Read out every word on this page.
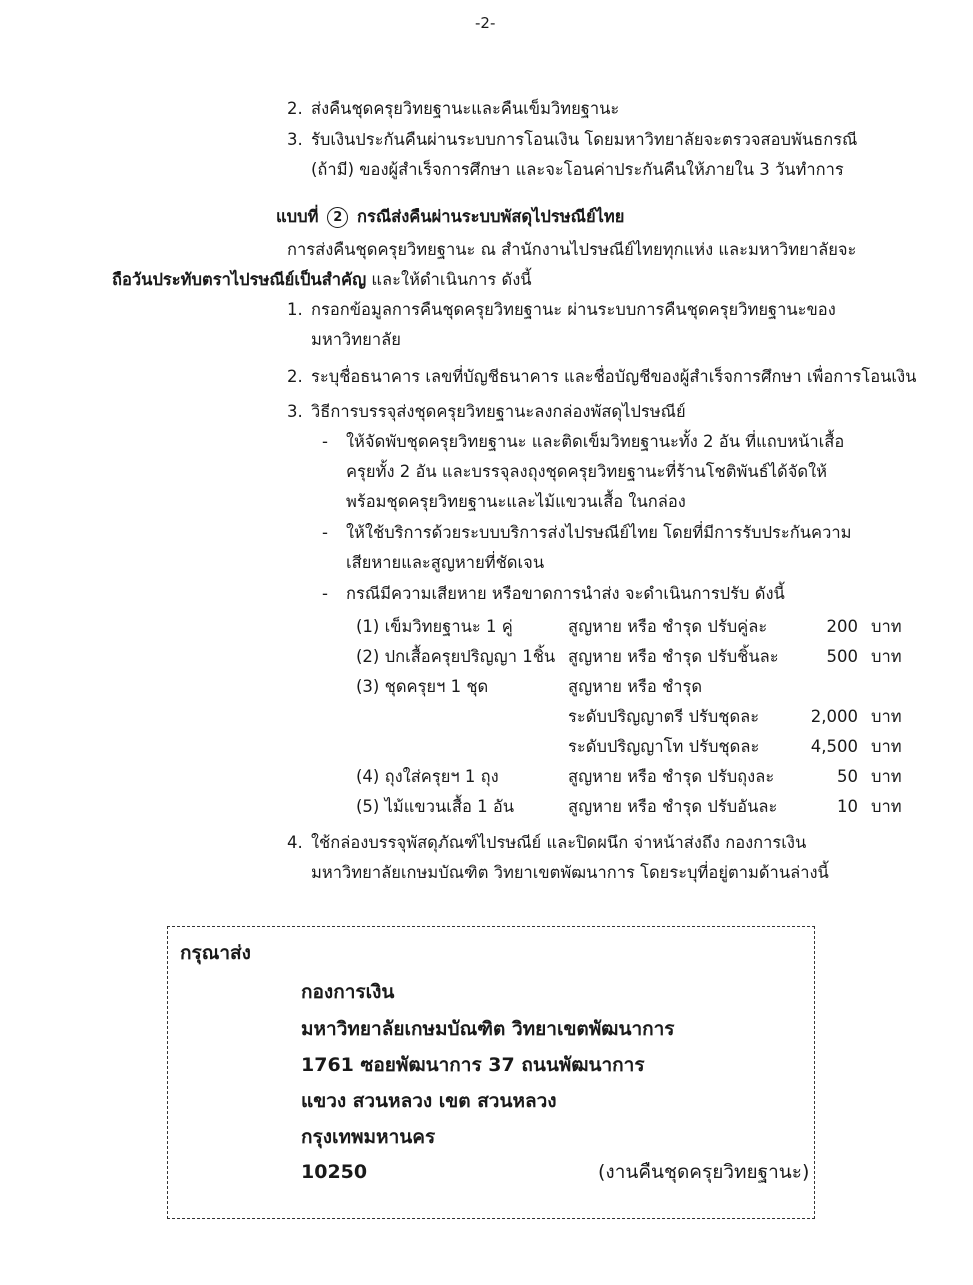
-2-
2. ส่งคืนชุดครุยวิทยฐานะและคืนเข็มวิทยฐานะ
3. รับเงินประกันคืนผ่านระบบการโอนเงิน โดยมหาวิทยาลัยจะตรวจสอบพันธกรณี
(ถ้ามี) ของผู้สำเร็จการศึกษา และจะโอนค่าประกันคืนให้ภายใน 3 วันทำการ
แบบที่ 2 กรณีส่งคืนผ่านระบบพัสดุไปรษณีย์ไทย
การส่งคืนชุดครุยวิทยฐานะ ณ สำนักงานไปรษณีย์ไทยทุกแห่ง และมหาวิทยาลัยจะ
ถือวันประทับตราไปรษณีย์เป็นสำคัญ และให้ดำเนินการ ดังนี้
1. กรอกข้อมูลการคืนชุดครุยวิทยฐานะ ผ่านระบบการคืนชุดครุยวิทยฐานะของ
มหาวิทยาลัย
2. ระบุชื่อธนาคาร เลขที่บัญชีธนาคาร และชื่อบัญชีของผู้สำเร็จการศึกษา เพื่อการโอนเงิน
3. วิธีการบรรจุส่งชุดครุยวิทยฐานะลงกล่องพัสดุไปรษณีย์
- ให้จัดพับชุดครุยวิทยฐานะ และติดเข็มวิทยฐานะทั้ง 2 อัน ที่แถบหน้าเสื้อ
ครุยทั้ง 2 อัน และบรรจุลงถุงชุดครุยวิทยฐานะที่ร้านโชติพันธ์ได้จัดให้
พร้อมชุดครุยวิทยฐานะและไม้แขวนเสื้อ ในกล่อง
- ให้ใช้บริการด้วยระบบบริการส่งไปรษณีย์ไทย โดยที่มีการรับประกันความ
เสียหายและสูญหายที่ชัดเจน
- กรณีมีความเสียหาย หรือขาดการนำส่ง จะดำเนินการปรับ ดังนี้
(1) เข็มวิทยฐานะ 1 คู่	สูญหาย หรือ ชำรุด ปรับคู่ละ	200 บาท
(2) ปกเสื้อครุยปริญญา 1ชิ้น สูญหาย หรือ ชำรุด ปรับชิ้นละ	500 บาท
(3) ชุดครุยฯ 1 ชุด	สูญหาย หรือ ชำรุด
ระดับปริญญาตรี ปรับชุดละ	2,000 บาท
ระดับปริญญาโท ปรับชุดละ	4,500 บาท
(4) ถุงใส่ครุยฯ 1 ถุง	สูญหาย หรือ ชำรุด ปรับถุงละ	50 บาท
(5) ไม้แขวนเสื้อ 1 อัน	สูญหาย หรือ ชำรุด ปรับอันละ	10 บาท
4. ใช้กล่องบรรจุพัสดุภัณฑ์ไปรษณีย์ และปิดผนึก จ่าหน้าส่งถึง กองการเงิน
มหาวิทยาลัยเกษมบัณฑิต วิทยาเขตพัฒนาการ โดยระบุที่อยู่ตามด้านล่างนี้
กรุณาส่ง
กองการเงิน
มหาวิทยาลัยเกษมบัณฑิต วิทยาเขตพัฒนาการ
1761 ซอยพัฒนาการ 37 ถนนพัฒนาการ
แขวง สวนหลวง เขต สวนหลวง
กรุงเทพมหานคร
10250	(งานคืนชุดครุยวิทยฐานะ)
